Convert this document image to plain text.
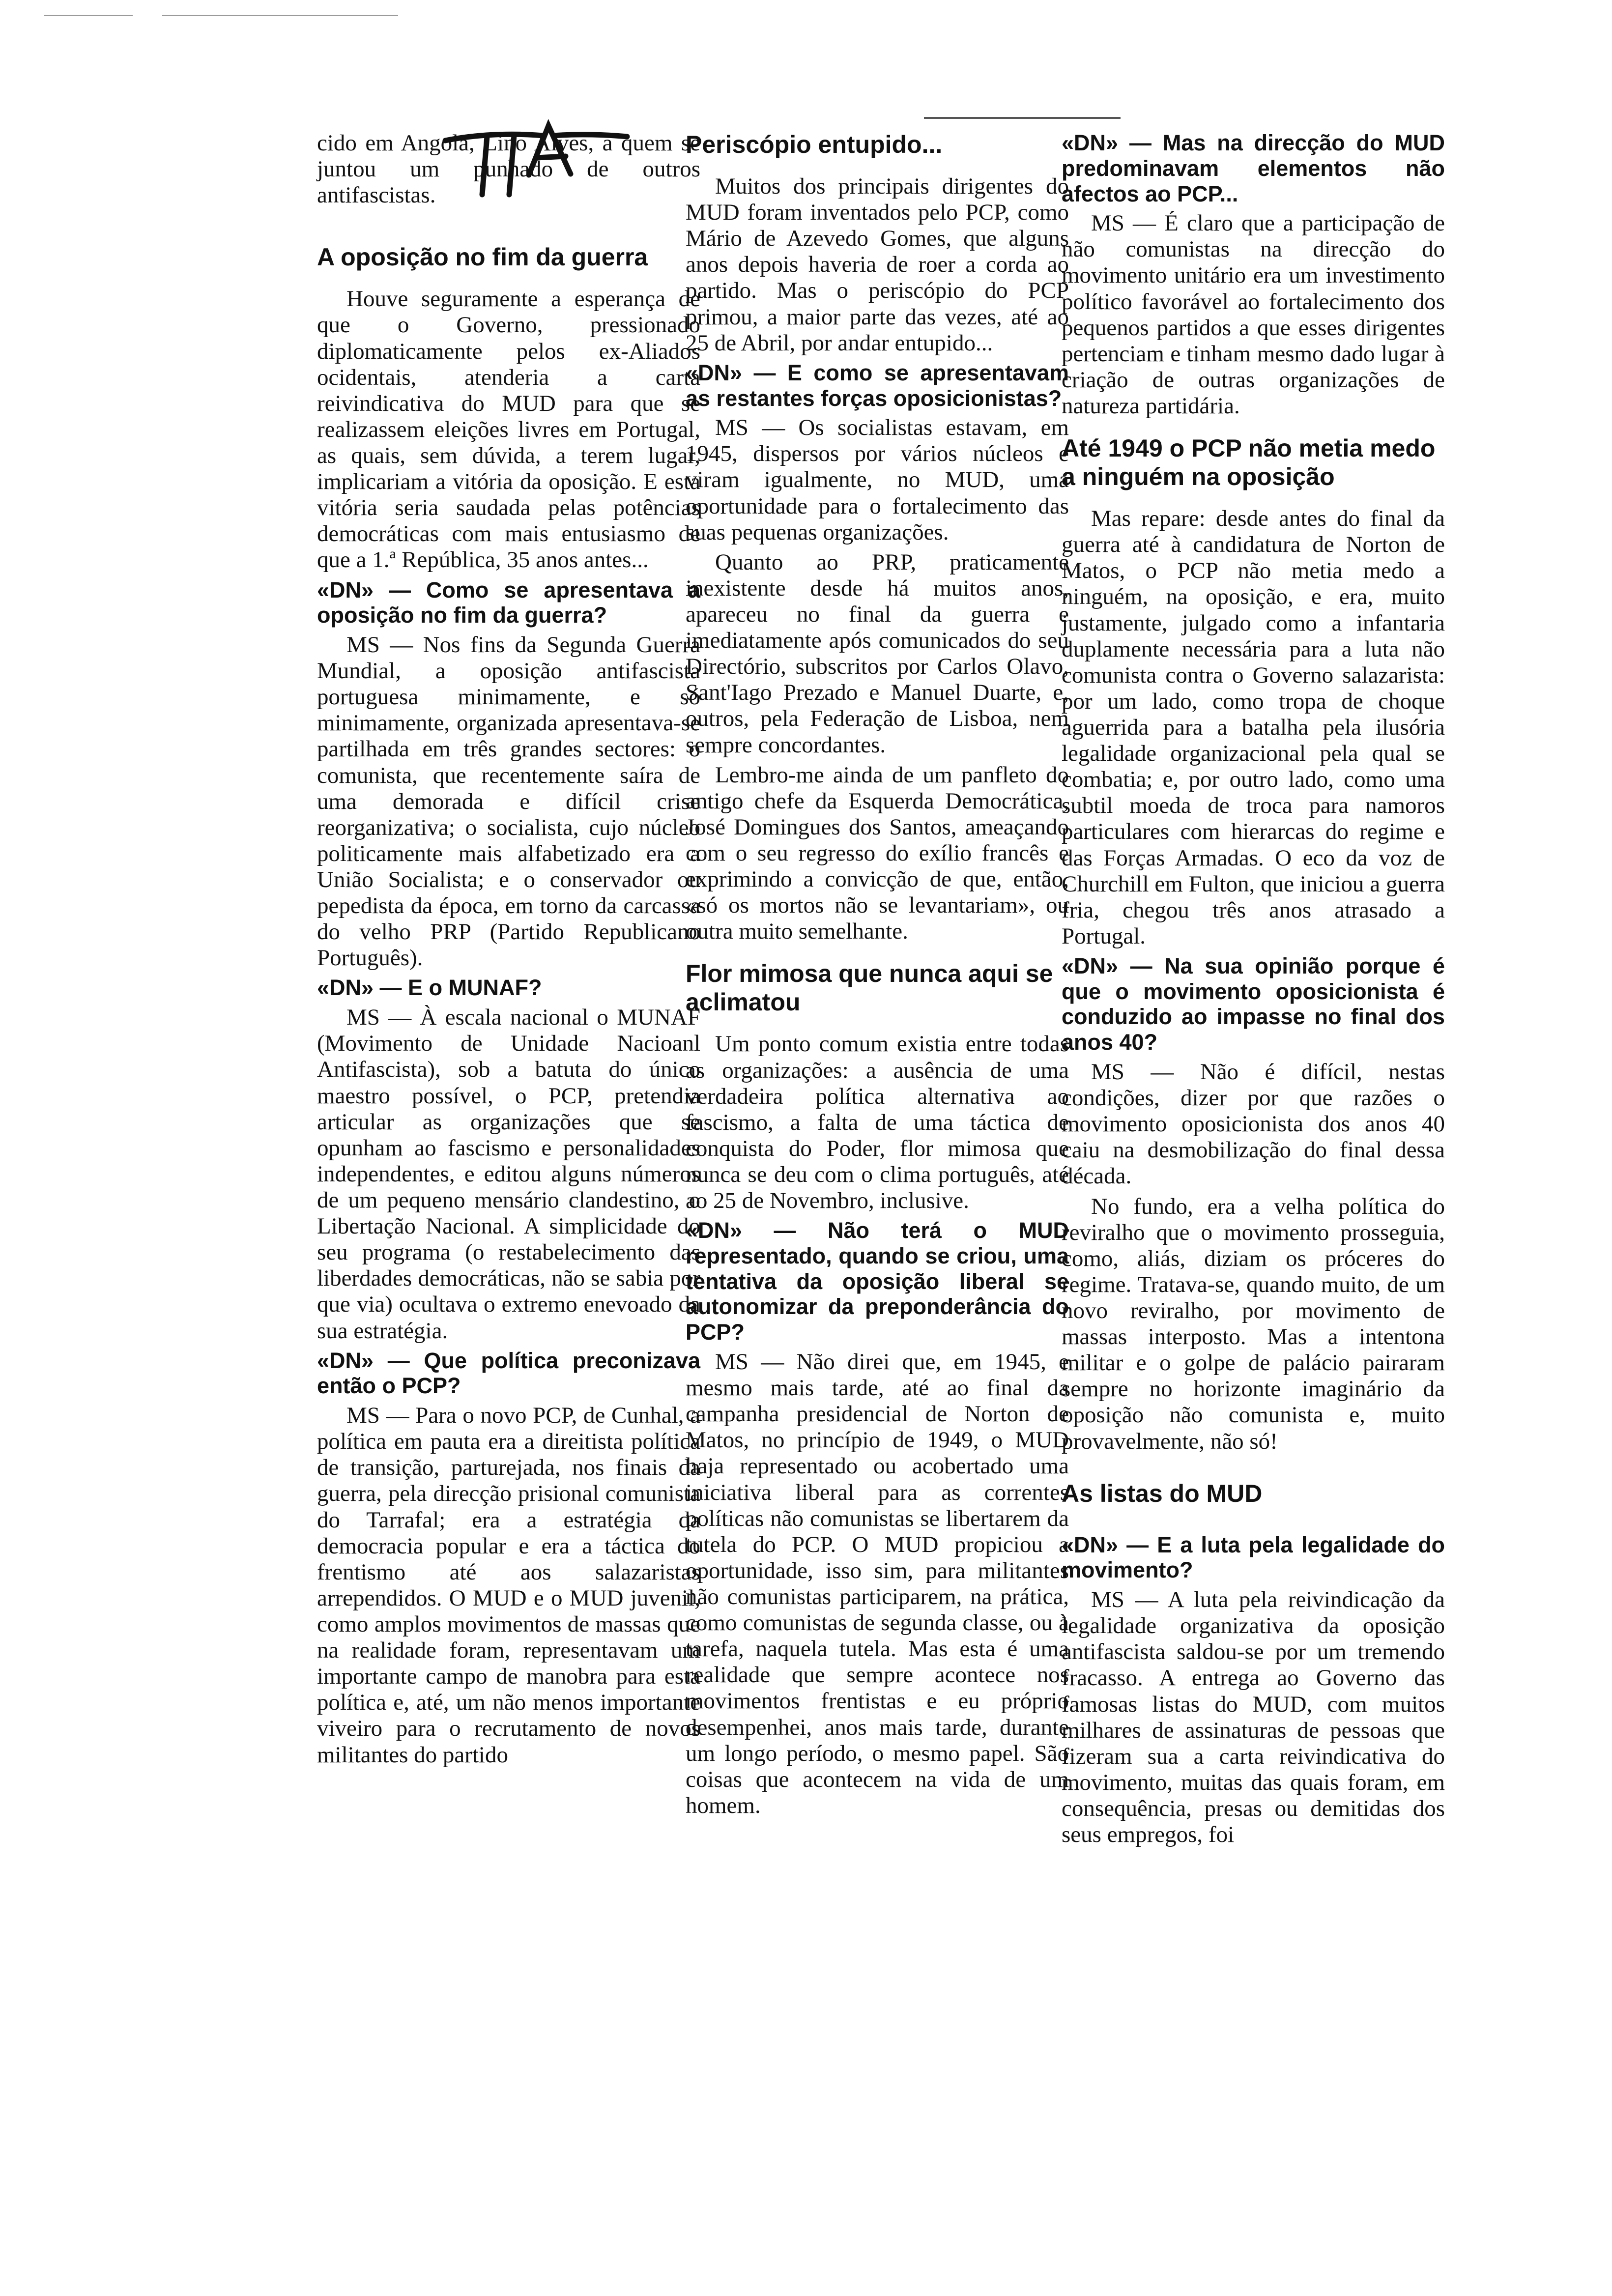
cido em Angola, Lino Alves, a quem se juntou um punhado de outros antifascistas.

A oposição no fim da guerra

Houve seguramente a esperança de que o Governo, pressionado diplomaticamente pelos ex-Aliados ocidentais, atenderia a carta reivindicativa do MUD para que se realizassem eleições livres em Portugal, as quais, sem dúvida, a terem lugar, implicariam a vitória da oposição. E esta vitória seria saudada pelas potências democráticas com mais entusiasmo de que a 1.ª República, 35 anos antes...

«DN» — Como se apresentava a oposição no fim da guerra?

MS — Nos fins da Segunda Guerra Mundial, a oposição antifascista portuguesa minimamente, e só minimamente, organizada apresentava-se partilhada em três grandes sectores: o comunista, que recentemente saíra de uma demorada e difícil crise reorganizativa; o socialista, cujo núcleo politicamente mais alfabetizado era a União Socialista; e o conservador ou pepedista da época, em torno da carcassa do velho PRP (Partido Republicano Português).

«DN» — E o MUNAF?

MS — À escala nacional o MUNAF (Movimento de Unidade Nacioanl Antifascista), sob a batuta do único maestro possível, o PCP, pretendia articular as organizações que se opunham ao fascismo e personalidades independentes, e editou alguns números de um pequeno mensário clandestino, o Libertação Nacional. A simplicidade do seu programa (o restabelecimento das liberdades democráticas, não se sabia por que via) ocultava o extremo enevoado da sua estratégia.

«DN» — Que política preconizava então o PCP?

MS — Para o novo PCP, de Cunhal, a política em pauta era a direitista política de transição, parturejada, nos finais da guerra, pela direcção prisional comunista do Tarrafal; era a estratégia da democracia popular e era a táctica do frentismo até aos salazaristas arrependidos. O MUD e o MUD juvenil, como amplos movimentos de massas que na realidade foram, representavam um importante campo de manobra para esta política e, até, um não menos importante viveiro para o recrutamento de novos militantes do partido

Periscópio entupido...

Muitos dos principais dirigentes do MUD foram inventados pelo PCP, como Mário de Azevedo Gomes, que alguns anos depois haveria de roer a corda ao partido. Mas o periscópio do PCP primou, a maior parte das vezes, até ao 25 de Abril, por andar entupido...

«DN» — E como se apresentavam as restantes forças oposicionistas?

MS — Os socialistas estavam, em 1945, dispersos por vários núcleos e viram igualmente, no MUD, uma oportunidade para o fortalecimento das suas pequenas organizações.

Quanto ao PRP, praticamente inexistente desde há muitos anos, apareceu no final da guerra e imediatamente após comunicados do seu Directório, subscritos por Carlos Olavo, Sant'Iago Prezado e Manuel Duarte, e, outros, pela Federação de Lisboa, nem sempre concordantes.

Lembro-me ainda de um panfleto do antigo chefe da Esquerda Democrática, José Domingues dos Santos, ameaçando com o seu regresso do exílio francês e exprimindo a convicção de que, então, «só os mortos não se levantariam», ou outra muito semelhante.

Flor mimosa que nunca aqui se aclimatou

Um ponto comum existia entre todas as organizações: a ausência de uma verdadeira política alternativa ao fascismo, a falta de uma táctica de conquista do Poder, flor mimosa que nunca se deu com o clima português, até ao 25 de Novembro, inclusive.

«DN» — Não terá o MUD representado, quando se criou, uma tentativa da oposição liberal se autonomizar da preponderância do PCP?

MS — Não direi que, em 1945, e mesmo mais tarde, até ao final da campanha presidencial de Norton de Matos, no princípio de 1949, o MUD haja representado ou acobertado uma iniciativa liberal para as correntes políticas não comunistas se libertarem da tutela do PCP. O MUD propiciou a oportunidade, isso sim, para militantes não comunistas participarem, na prática, como comunistas de segunda classe, ou à tarefa, naquela tutela. Mas esta é uma realidade que sempre acontece nos movimentos frentistas e eu próprio desempenhei, anos mais tarde, durante um longo período, o mesmo papel. São coisas que acontecem na vida de um homem.

«DN» — Mas na direcção do MUD predominavam elementos não afectos ao PCP...

MS — É claro que a participação de não comunistas na direcção do movimento unitário era um investimento político favorável ao fortalecimento dos pequenos partidos a que esses dirigentes pertenciam e tinham mesmo dado lugar à criação de outras organizações de natureza partidária.

Até 1949 o PCP não metia medo a ninguém na oposição

Mas repare: desde antes do final da guerra até à candidatura de Norton de Matos, o PCP não metia medo a ninguém, na oposição, e era, muito justamente, julgado como a infantaria duplamente necessária para a luta não comunista contra o Governo salazarista: por um lado, como tropa de choque aguerrida para a batalha pela ilusória legalidade organizacional pela qual se combatia; e, por outro lado, como uma subtil moeda de troca para namoros particulares com hierarcas do regime e das Forças Armadas. O eco da voz de Churchill em Fulton, que iniciou a guerra fria, chegou três anos atrasado a Portugal.

«DN» — Na sua opinião porque é que o movimento oposicionista é conduzido ao impasse no final dos anos 40?

MS — Não é difícil, nestas condições, dizer por que razões o movimento oposicionista dos anos 40 caiu na desmobilização do final dessa década.

No fundo, era a velha política do reviralho que o movimento prosseguia, como, aliás, diziam os próceres do regime. Tratava-se, quando muito, de um novo reviralho, por movimento de massas interposto. Mas a intentona militar e o golpe de palácio pairaram sempre no horizonte imaginário da oposição não comunista e, muito provavelmente, não só!

As listas do MUD

«DN» — E a luta pela legalidade do movimento?

MS — A luta pela reivindicação da legalidade organizativa da oposição antifascista saldou-se por um tremendo fracasso. A entrega ao Governo das famosas listas do MUD, com muitos milhares de assinaturas de pessoas que fizeram sua a carta reivindicativa do movimento, muitas das quais foram, em consequência, presas ou demitidas dos seus empregos, foi
